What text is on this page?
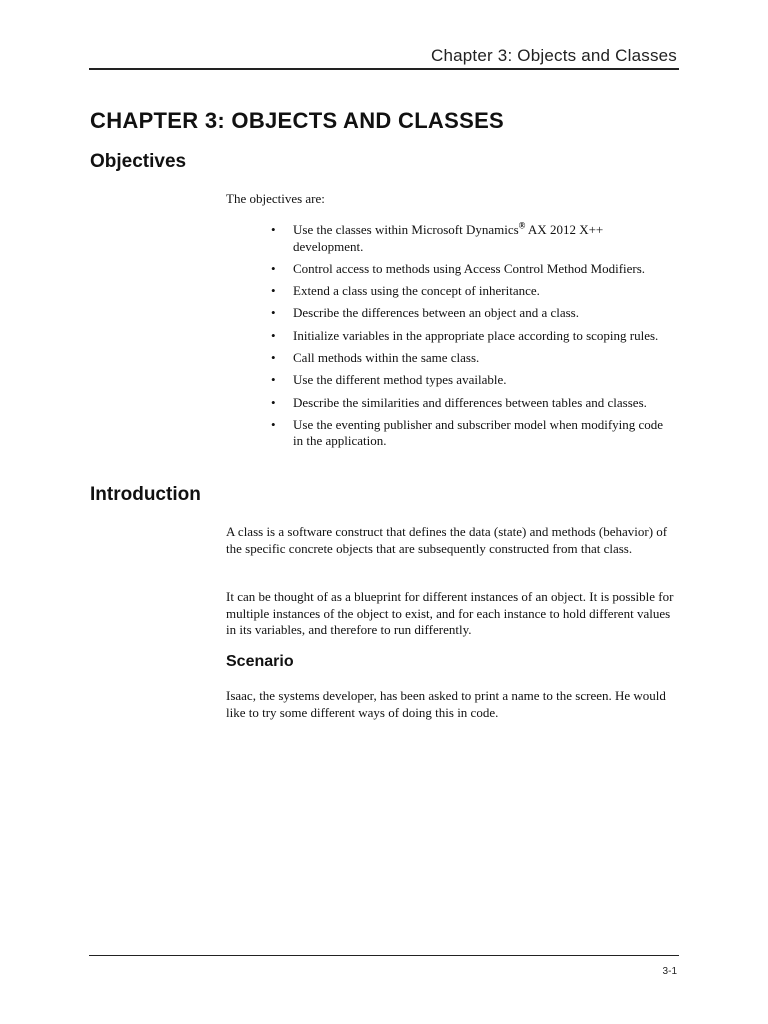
Chapter 3: Objects and Classes
CHAPTER 3: OBJECTS AND CLASSES
Objectives

The objectives are:

• Use the classes within Microsoft Dynamics® AX 2012 X++ development.
• Control access to methods using Access Control Method Modifiers.
• Extend a class using the concept of inheritance.
• Describe the differences between an object and a class.
• Initialize variables in the appropriate place according to scoping rules.
• Call methods within the same class.
• Use the different method types available.
• Describe the similarities and differences between tables and classes.
• Use the eventing publisher and subscriber model when modifying code in the application.
Introduction

A class is a software construct that defines the data (state) and methods (behavior) of the specific concrete objects that are subsequently constructed from that class.

It can be thought of as a blueprint for different instances of an object. It is possible for multiple instances of the object to exist, and for each instance to hold different values in its variables, and therefore to run differently.

Scenario

Isaac, the systems developer, has been asked to print a name to the screen. He would like to try some different ways of doing this in code.

3-1
